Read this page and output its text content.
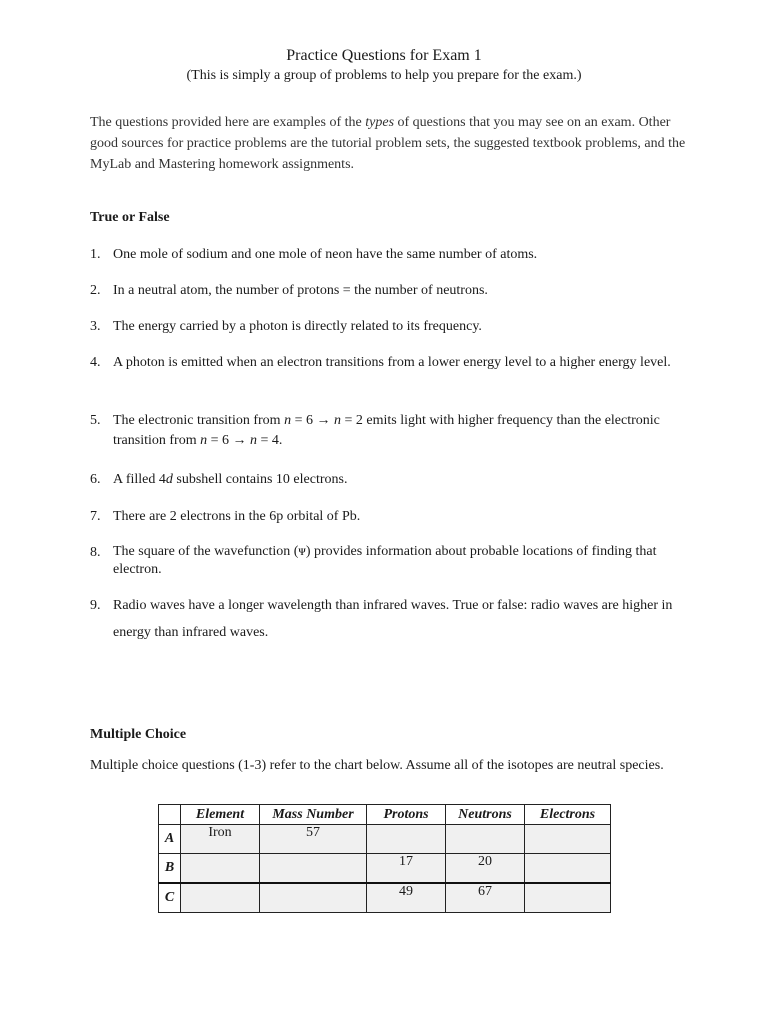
Practice Questions for Exam 1
(This is simply a group of problems to help you prepare for the exam.)
The questions provided here are examples of the types of questions that you may see on an exam. Other good sources for practice problems are the tutorial problem sets, the suggested textbook problems, and the MyLab and Mastering homework assignments.
True or False
1. One mole of sodium and one mole of neon have the same number of atoms.
2. In a neutral atom, the number of protons = the number of neutrons.
3. The energy carried by a photon is directly related to its frequency.
4. A photon is emitted when an electron transitions from a lower energy level to a higher energy level.
5. The electronic transition from n = 6 → n = 2 emits light with higher frequency than the electronic transition from n = 6 → n = 4.
6. A filled 4d subshell contains 10 electrons.
7. There are 2 electrons in the 6p orbital of Pb.
8. The square of the wavefunction (ᴪ) provides information about probable locations of finding that electron.
9. Radio waves have a longer wavelength than infrared waves. True or false: radio waves are higher in energy than infrared waves.
Multiple Choice
Multiple choice questions (1-3) refer to the chart below. Assume all of the isotopes are neutral species.
	Element	Mass Number	Protons	Neutrons	Electrons
A	Iron	57			
B			17	20	
C			49	67	
